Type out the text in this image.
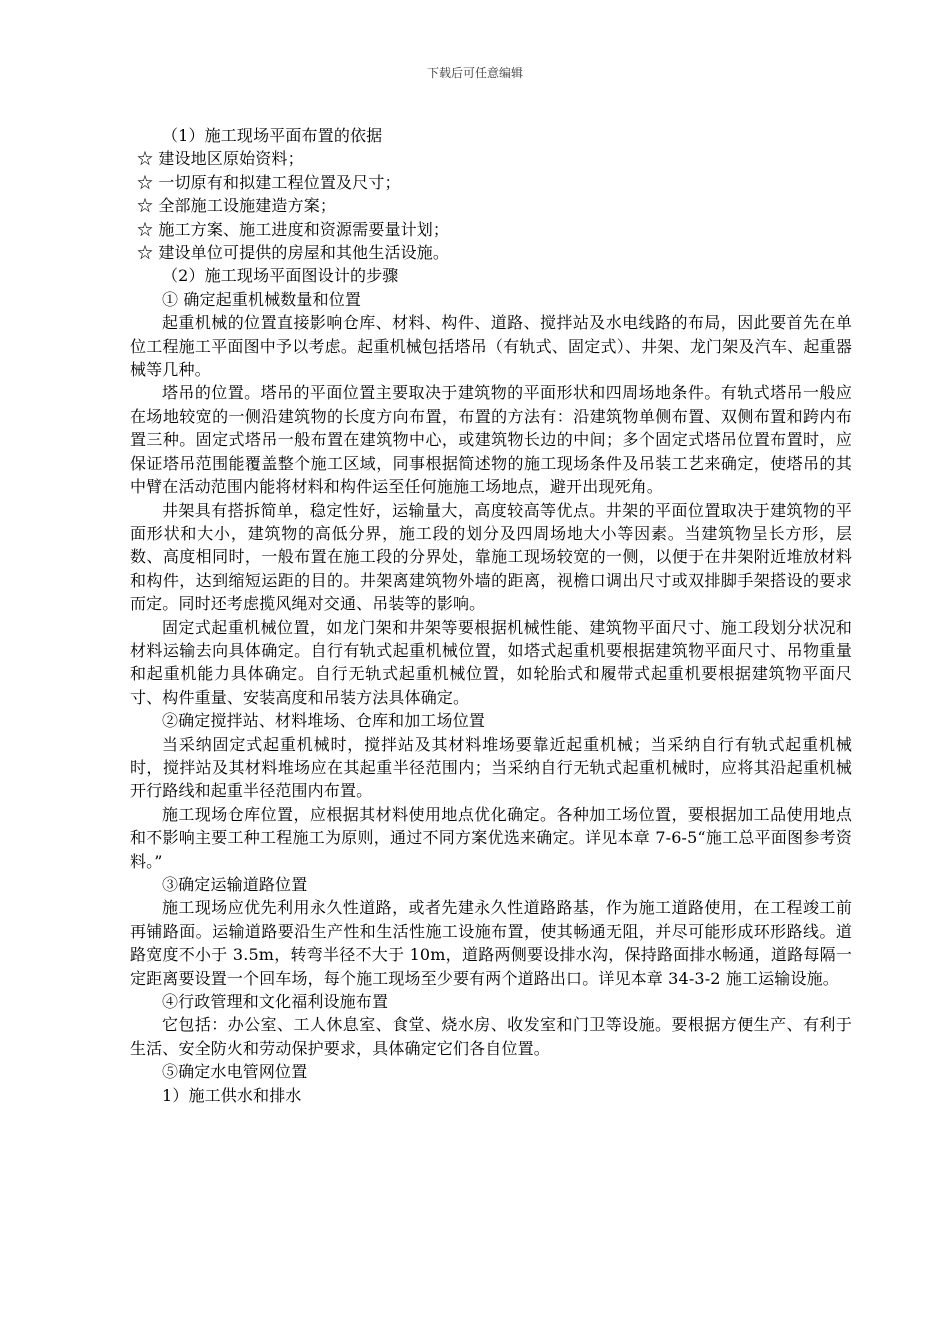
下载后可任意编辑

（1）施工现场平面布置的依据

☆ 建设地区原始资料；

☆ 一切原有和拟建工程位置及尺寸；

☆ 全部施工设施建造方案；

☆ 施工方案、施工进度和资源需要量计划；

☆ 建设单位可提供的房屋和其他生活设施。

（2）施工现场平面图设计的步骤

① 确定起重机械数量和位置

起重机械的位置直接影响仓库、材料、构件、道路、搅拌站及水电线路的布局，因此要首先在单位工程施工平面图中予以考虑。起重机械包括塔吊（有轨式、固定式）、井架、龙门架及汽车、起重器械等几种。

塔吊的位置。塔吊的平面位置主要取决于建筑物的平面形状和四周场地条件。有轨式塔吊一般应在场地较宽的一侧沿建筑物的长度方向布置，布置的方法有：沿建筑物单侧布置、双侧布置和跨内布置三种。固定式塔吊一般布置在建筑物中心，或建筑物长边的中间；多个固定式塔吊位置布置时，应保证塔吊范围能覆盖整个施工区域，同事根据简述物的施工现场条件及吊装工艺来确定，使塔吊的其中臂在活动范围内能将材料和构件运至任何施施工场地点，避开出现死角。

井架具有搭拆简单，稳定性好，运输量大，高度较高等优点。井架的平面位置取决于建筑物的平面形状和大小，建筑物的高低分界，施工段的划分及四周场地大小等因素。当建筑物呈长方形，层数、高度相同时，一般布置在施工段的分界处，靠施工现场较宽的一侧，以便于在井架附近堆放材料和构件，达到缩短运距的目的。井架离建筑物外墙的距离，视檐口调出尺寸或双排脚手架搭设的要求而定。同时还考虑揽风绳对交通、吊装等的影响。

固定式起重机械位置，如龙门架和井架等要根据机械性能、建筑物平面尺寸、施工段划分状况和材料运输去向具体确定。自行有轨式起重机械位置，如塔式起重机要根据建筑物平面尺寸、吊物重量和起重机能力具体确定。自行无轨式起重机械位置，如轮胎式和履带式起重机要根据建筑物平面尺寸、构件重量、安装高度和吊装方法具体确定。

②确定搅拌站、材料堆场、仓库和加工场位置

当采纳固定式起重机械时，搅拌站及其材料堆场要靠近起重机械；当采纳自行有轨式起重机械时，搅拌站及其材料堆场应在其起重半径范围内；当采纳自行无轨式起重机械时，应将其沿起重机械开行路线和起重半径范围内布置。

施工现场仓库位置，应根据其材料使用地点优化确定。各种加工场位置，要根据加工品使用地点和不影响主要工种工程施工为原则，通过不同方案优选来确定。详见本章 7-6-5“施工总平面图参考资料。”

③确定运输道路位置

施工现场应优先利用永久性道路，或者先建永久性道路路基，作为施工道路使用，在工程竣工前再铺路面。运输道路要沿生产性和生活性施工设施布置，使其畅通无阻，并尽可能形成环形路线。道路宽度不小于 3.5m，转弯半径不大于 10m，道路两侧要设排水沟，保持路面排水畅通，道路每隔一定距离要设置一个回车场，每个施工现场至少要有两个道路出口。详见本章 34-3-2 施工运输设施。

④行政管理和文化福利设施布置

它包括：办公室、工人休息室、食堂、烧水房、收发室和门卫等设施。要根据方便生产、有利于生活、安全防火和劳动保护要求，具体确定它们各自位置。

⑤确定水电管网位置

1）施工供水和排水
